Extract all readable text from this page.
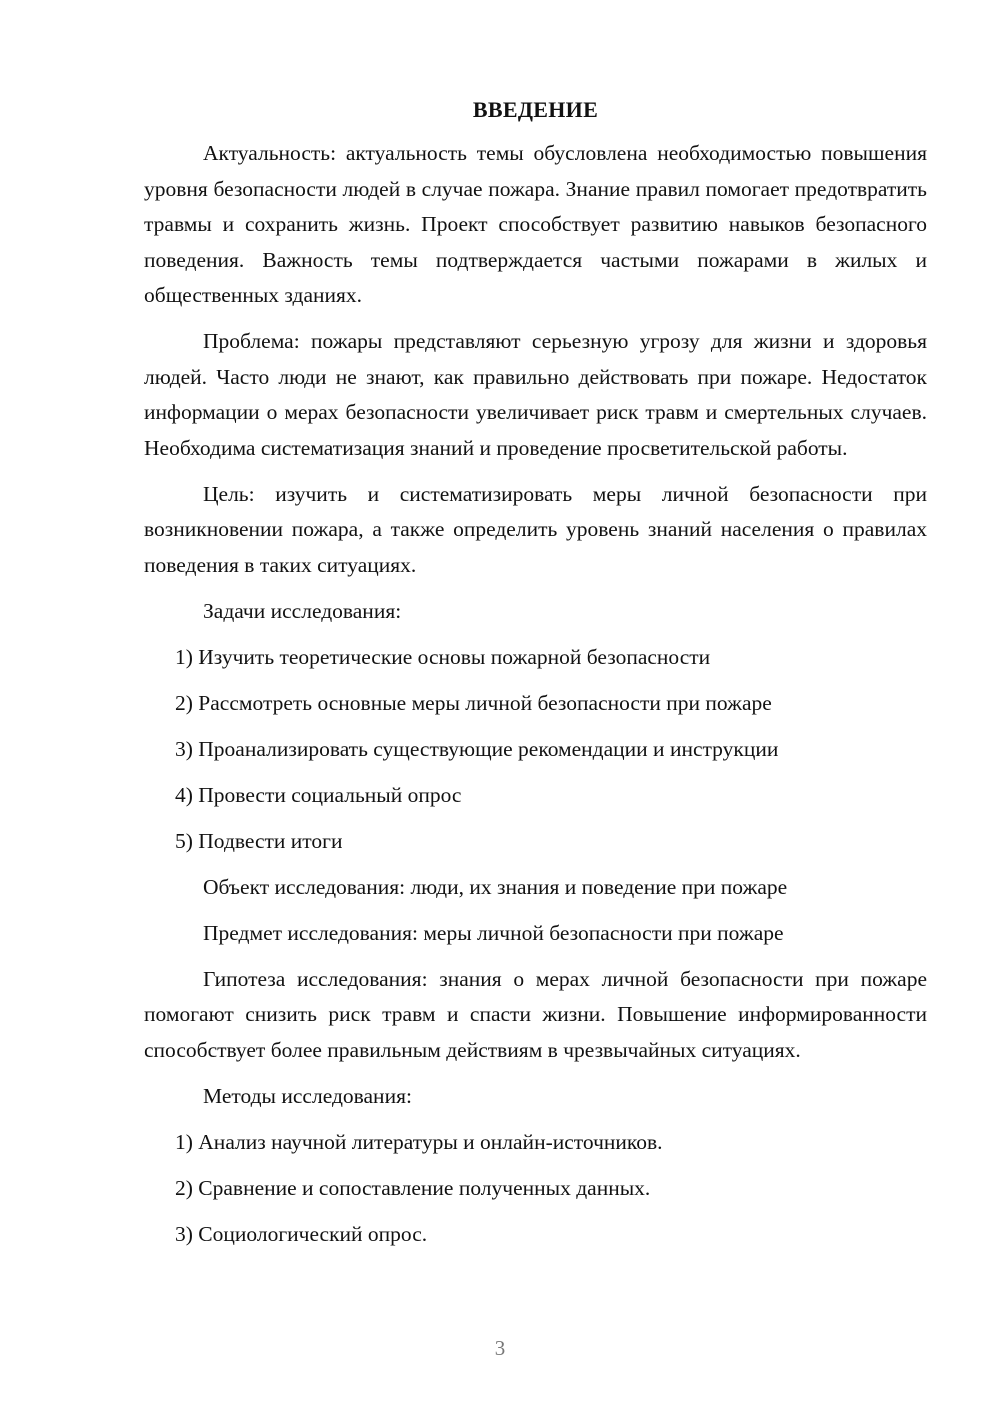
ВВЕДЕНИЕ

Актуальность: актуальность темы обусловлена необходимостью повышения уровня безопасности людей в случае пожара. Знание правил помогает предотвратить травмы и сохранить жизнь. Проект способствует развитию навыков безопасного поведения. Важность темы подтверждается частыми пожарами в жилых и общественных зданиях.

Проблема: пожары представляют серьезную угрозу для жизни и здоровья людей. Часто люди не знают, как правильно действовать при пожаре. Недостаток информации о мерах безопасности увеличивает риск травм и смертельных случаев. Необходима систематизация знаний и проведение просветительской работы.

Цель: изучить и систематизировать меры личной безопасности при возникновении пожара, а также определить уровень знаний населения о правилах поведения в таких ситуациях.

Задачи исследования:

1) Изучить теоретические основы пожарной безопасности
2) Рассмотреть основные меры личной безопасности при пожаре
3) Проанализировать существующие рекомендации и инструкции
4) Провести социальный опрос
5) Подвести итоги

Объект исследования: люди, их знания и поведение при пожаре

Предмет исследования: меры личной безопасности при пожаре

Гипотеза исследования: знания о мерах личной безопасности при пожаре помогают снизить риск травм и спасти жизни. Повышение информированности способствует более правильным действиям в чрезвычайных ситуациях.

Методы исследования:

1) Анализ научной литературы и онлайн-источников.
2) Сравнение и сопоставление полученных данных.
3) Социологический опрос.
3
